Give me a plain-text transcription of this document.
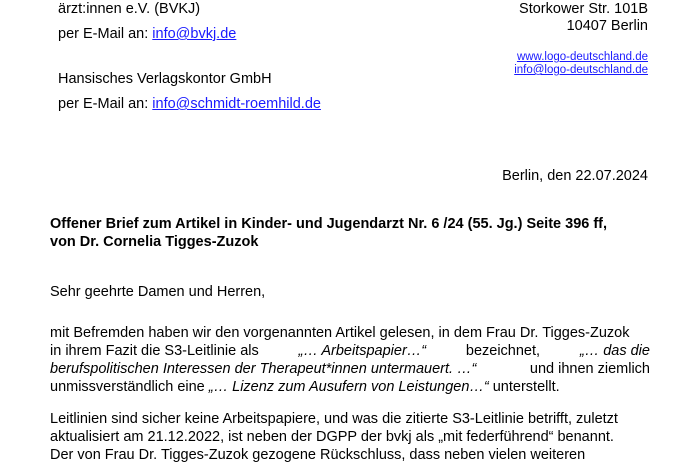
ärzt:innen e.V. (BVKJ)
per E-Mail an: info@bvkj.de
Hansisches Verlagskontor GmbH
per E-Mail an: info@schmidt-roemhild.de
Storkower Str. 101B
10407 Berlin
www.logo-deutschland.de
info@logo-deutschland.de
Berlin, den 22.07.2024
Offener Brief zum Artikel in Kinder- und Jugendarzt Nr. 6 /24 (55. Jg.) Seite 396 ff,
von Dr. Cornelia Tigges-Zuzok
Sehr geehrte Damen und Herren,
mit Befremden haben wir den vorgenannten Artikel gelesen, in dem Frau Dr. Tigges-Zuzok
in ihrem Fazit die S3-Leitlinie als „… Arbeitspapier…“ bezeichnet, „… das die
berufspolitischen Interessen der Therapeut*innen untermauert. …“	und ihnen ziemlich
unmissverständlich eine „… Lizenz zum Ausufern von Leistungen…“ unterstellt.
Leitlinien sind sicher keine Arbeitspapiere, und was die zitierte S3-Leitlinie betrifft, zuletzt
aktualisiert am 21.12.2022, ist neben der DGPP der bvkj als „mit federführend“ benannt.
Der von Frau Dr. Tigges-Zuzok gezogene Rückschluss, dass neben vielen weiteren
